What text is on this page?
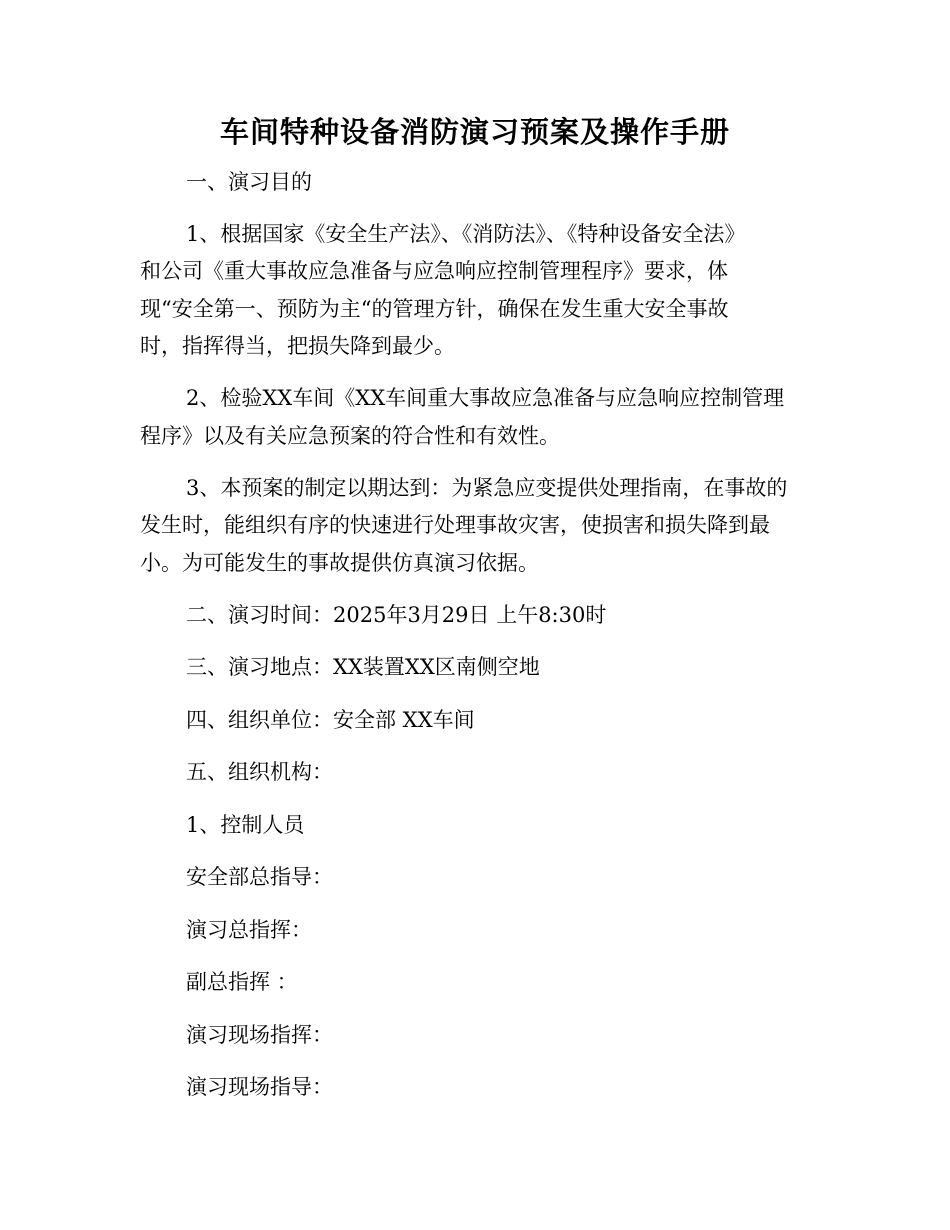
车间特种设备消防演习预案及操作手册

一、演习目的

1、根据国家《安全生产法》、《消防法》、《特种设备安全法》

和公司《重大事故应急准备与应急响应控制管理程序》要求，体

现“安全第一、预防为主“的管理方针，确保在发生重大安全事故

时，指挥得当，把损失降到最少。

2、检验XX车间《XX车间重大事故应急准备与应急响应控制管理

程序》以及有关应急预案的符合性和有效性。

3、本预案的制定以期达到：为紧急应变提供处理指南，在事故的

发生时，能组织有序的快速进行处理事故灾害，使损害和损失降到最

小。为可能发生的事故提供仿真演习依据。

二、演习时间：2025年3月29日 上午8:30时

三、演习地点：XX装置XX区南侧空地

四、组织单位：安全部 XX车间

五、组织机构：

1、控制人员

安全部总指导：

演习总指挥：

副总指挥 ：

演习现场指挥：

演习现场指导：
